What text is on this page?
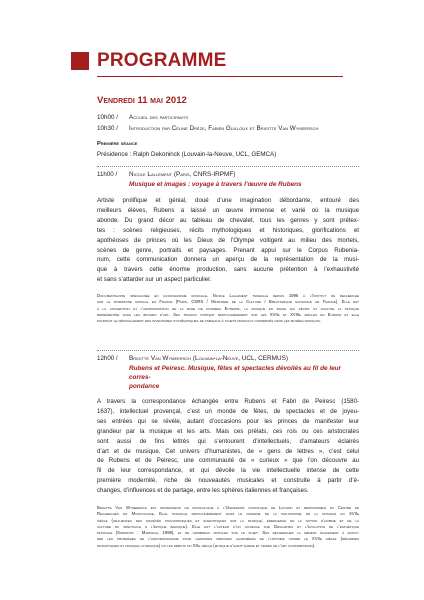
PROGRAMME
Vendredi 11 mai 2012
10h00 / Accueil des participants
10h30 / Introduction par Céline Drèze, Fabien Guilloux et Brigitte Van Wymeersch
Première séance
Présidence : Ralph Dekoninck (Louvain-la-Neuve, UCL, GEMCA)
11h00 / Nicole Lallement (Paris, CNRS-IRPMF)
Musique et images : voyage à travers l’œuvre de Rubens

Artiste prolifique et génial, doué d’une imagination débordante, entouré des

meilleurs élèves, Rubens a laissé un œuvre immense et varié où la musique

abonde. Du grand décor au tableau de chevalet, tous les genres y sont prétex-

tes : scènes religieuses, récits mythologiques et historiques, glorifications et

apothéoses de princes où les Dieux de l’Olympe voltigent au milieu des mortels,

scènes de genre, portraits et paysages. Prenant appui sur le Corpus Rubenia-

num, cette communication donnera un aperçu de la représentation de la musi-

que à travers cette énorme production, sans aucune prétention à l’exhaustivité

et sans s’attarder sur un aspect particulier.

Documentaliste spécialisée en iconographie musicale, Nicole Lallement travaille depuis 1996 à l’Institut de recherche

sur le patrimoine musical en France (Paris, CNRS / Ministère de la Culture / Bibliothèque nationale de France). Elle est

à la conception et l’administration de la base de données Euterpe, la musique en image qui décrit et analyse la musique

représentée dans les œuvres d’art. Ses travaux portent particulièrement sur les XVIIe et XVIIIe siècles en Europe et elle

poursuit le dépouillement des inventaires systématiques de tableaux à sujets musicaux conservés dans les musées français.

12h00 / Brigitte Van Wymeersch (Louvain-la-Neuve, UCL, CERMUS)
Rubens et Peiresc. Musique, fêtes et spectacles dévoilés au fil de leur corres-
pondance

A travers la correspondance échangée entre Rubens et Fabri de Peiresc (1580-

1637), intellectuel provençal, c’est un monde de fêtes, de spectacles et de joyeu-

ses entrées qui se révèle, autant d’occasions pour les princes de manifester leur

grandeur par la musique et les arts. Mais ces prélats, ces rois ou ces aristocrates

sont aussi de fins lettrés qui s’entourent d’intellectuels, d’amateurs éclairés

d’art et de musique. Cet univers d’humanistes, de « gens de lettres », c’est celui

de Rubens et de Peiresc, une communauté de « curieux » que l’on découvre au

fil de leur correspondance, et qui dévoile la vie intellectuelle intense de cette

première modernité, riche de nouveautés musicales et construite à partir d’é-

changes, d’influences et de partage, entre les sphères italiennes et françaises.

Brigitte Van Wymeersch est professeur de musicologie à l’Université catholique de Louvain et responsable du Centre de

Recherches en Musicologie. Elle travaille particulièrement dans le domaine de la philosophie de la musique du XVIIe

siècle (influences des sociétés philosophiques et scientifiques sur la musique; émergence de la notion d’homme et de la

culture du spectacle à l’époque baroque). Elle est l’auteur d’un ouvrage sur Descartes et l’évolution de l’esthétique

musicale (Sprimont : Mardaga, 1999), et de nombreux articles sur le sujet. Ses recherches la mènent également à explo-

rer les problèmes de l’historiographie pour certaines périodes charnières de l’histoire comme le XVIIe siècle (réformes

monastiques et musique liturgique) ou les débuts du XXe siècle (musique d’avant-garde et crises de l’art contemporain).
